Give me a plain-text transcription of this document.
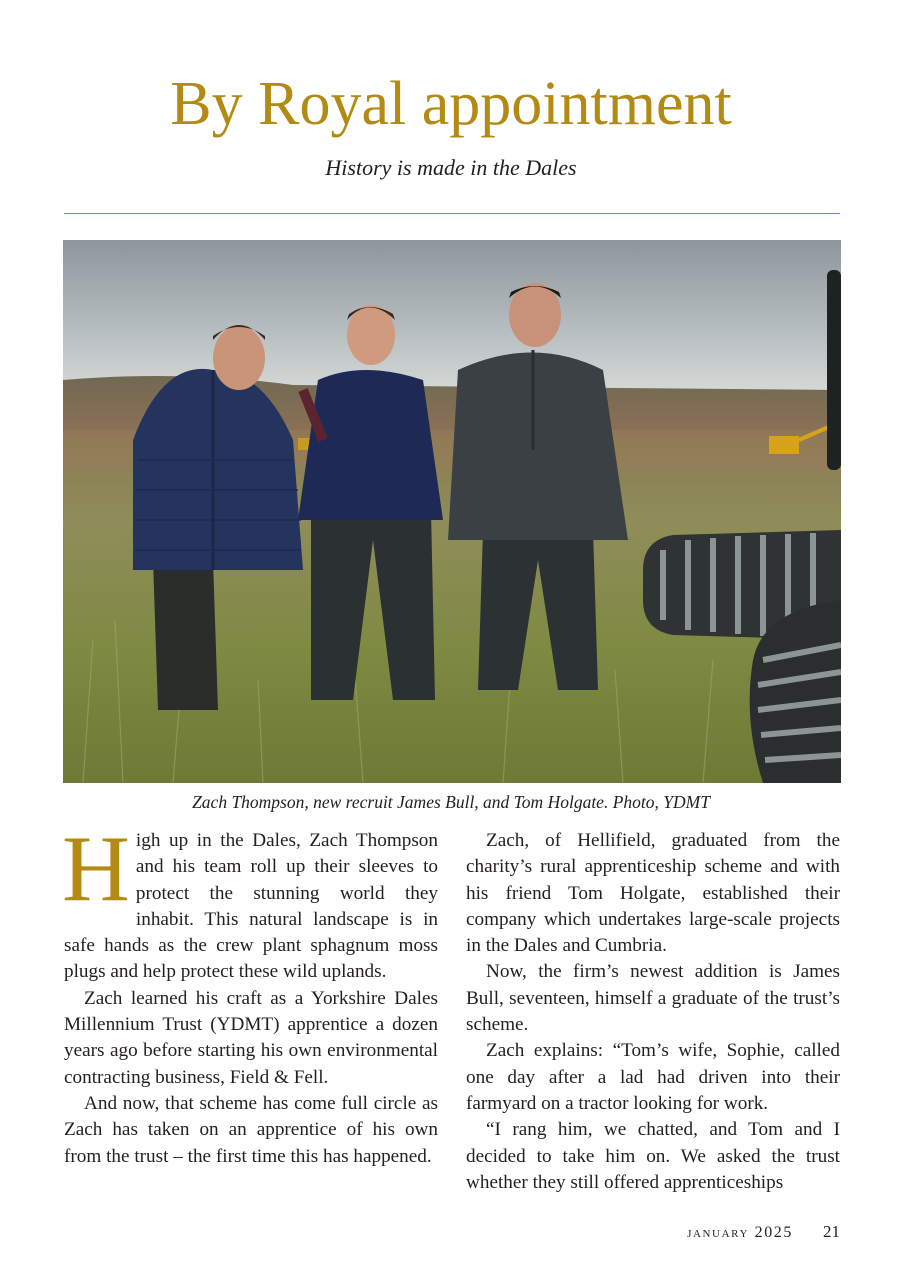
By Royal appointment

History is made in the Dales

Zach Thompson, new recruit James Bull, and Tom Holgate. Photo, YDMT

High up in the Dales, Zach Thompson and his team roll up their sleeves to protect the stunning world they inhabit. This natural landscape is in safe hands as the crew plant sphagnum moss plugs and help protect these wild uplands.

Zach learned his craft as a Yorkshire Dales Millennium Trust (YDMT) apprentice a dozen years ago before starting his own environmental contracting business, Field & Fell.

And now, that scheme has come full circle as Zach has taken on an apprentice of his own from the trust – the first time this has happened.

Zach, of Hellifield, graduated from the charity’s rural apprenticeship scheme and with his friend Tom Holgate, established their company which undertakes large-scale projects in the Dales and Cumbria.

Now, the firm’s newest addition is James Bull, seventeen, himself a graduate of the trust’s scheme.

Zach explains: “Tom’s wife, Sophie, called one day after a lad had driven into their farmyard on a tractor looking for work.

“I rang him, we chatted, and Tom and I decided to take him on. We asked the trust whether they still offered apprenticeships

january 2025 21
